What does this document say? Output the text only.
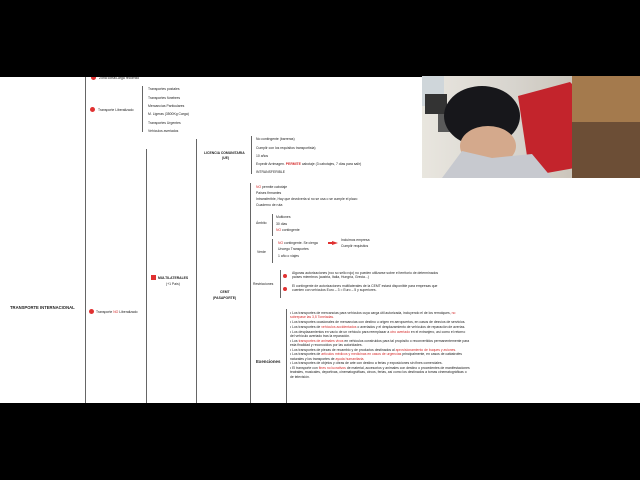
TRANSPORTE INTERNACIONAL
Zona corta/Larga recorrido
Transporte Liberalizado
Transportes postales
Transportes fúnebres
Mercancías Particulares
M. Ligeras (3500Kg Carga)
Transportes Urgentes
Vehículos averiados
Transporte NO Liberalizado
MULTILATERALES
(+1 País)
LICENCIA COMUNITARIA
(UE)
No contingente (barreras)
Cumplir con los requisitos transportista)
10 años
Expedir Arrimagen. PERMITE cabotaje (3 cabotajes, 7 días para salir)
INTRANSFERIBLE
CEMT
(PASAPORTE)
NO permite cabotaje
Países firmantes
Intransferible, Hay que devolverla si no se usa o se cumple el plazo
Cuaderno de ruta
Ámbito
Multiones
30 días
NO contingente
Verde
NO contingente. Se cierga
Incluimos empresa
Cumplir requisitos
Unoego Transportes
1 año o viajes
Restricciones
Algunas autorizaciones (roo so sello rojo) no pueden utilizarse sobre el territorio de determinados países miembros (austria, Italia, Hungría, Grecia...)
El contingente de autorizaciones multilaterales de la CEMT estará disponible para empresas que cuenten con vehículos Euro – 3 = Euro – 5 y superiores.
Exenciones
• Los transportes de mercancías para vehículos cuya carga útil autorizada, incluyendo el de los remolques, no sobrepase las 3,5 Toneladas.
• Los transportes ocasionales de mercancías con destino u origen en aeropuertos, en casos de desvíos de servicios.
• Los transportes de vehículos accidentados o averiados y el desplazamiento de vehículos de reparación de averías.
• Los desplazamientos en vacío de un vehículo para reemplazar a otro averiado en el extranjero, así como el retorno del vehículo averiado tras la reparación.
• Los transportes de animales vivos en vehículos construidos para tal propósito o reconvertidos permanentemente para esta finalidad y reconocidos por las autoridades.
• Los transportes de piezas de recambio y de productos destinados al aprovisionamiento de buques y aviones.
• Los transportes de artículos médicos y medicinas en casos de urgencias principalmente, en casos de catástrofes naturales y los transportes de ayuda humanitaria.
• Los transportes de objetos y obras de arte con destino a ferias y exposiciones sin fines comerciales.
• El transporte con fines no lucrativos de material, accesorios y animales con destino o procedentes de manifestaciones teatrales, musicales, deportivas, cinematográficas, circos, ferias, así como los destinados a tomas cinematográficas o de televisión.
